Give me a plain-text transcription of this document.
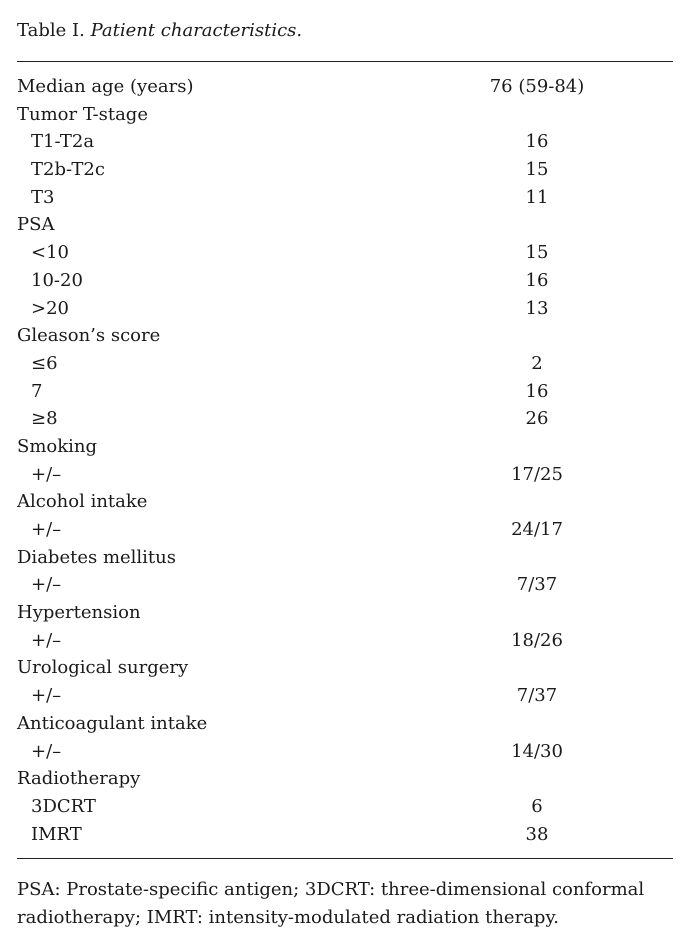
Table I. Patient characteristics.
Median age (years)	76 (59-84)
Tumor T-stage
T1-T2a	16
T2b-T2c	15
T3	11
PSA
<10	15
10-20	16
>20	13
Gleason’s score
≤6	2
7	16
≥8	26
Smoking
+/–	17/25
Alcohol intake
+/–	24/17
Diabetes mellitus
+/–	7/37
Hypertension
+/–	18/26
Urological surgery
+/–	7/37
Anticoagulant intake
+/–	14/30
Radiotherapy
3DCRT	6
IMRT	38
PSA: Prostate-specific antigen; 3DCRT: three-dimensional conformal radiotherapy; IMRT: intensity-modulated radiation therapy.
